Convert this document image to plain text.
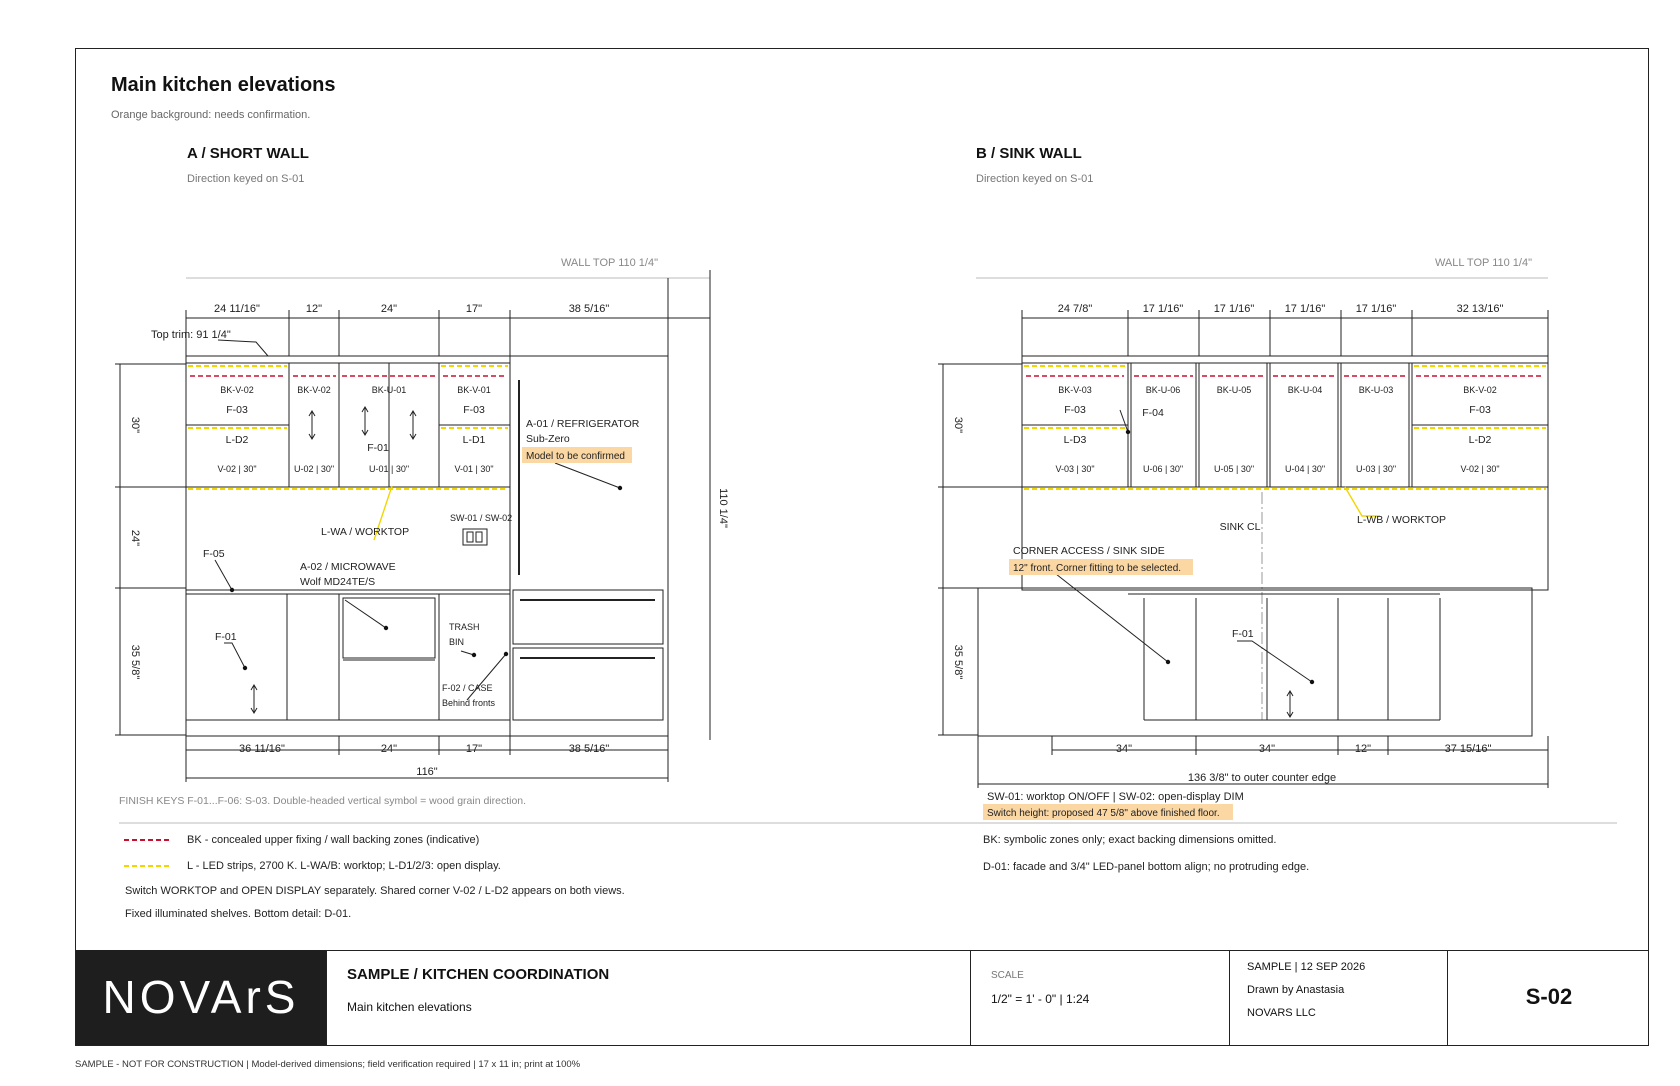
Main kitchen elevations
Orange background: needs confirmation.
A / SHORT WALL
Direction keyed on S-01
B / SINK WALL
Direction keyed on S-01
WALL TOP 110 1/4"
24 11/16"	12"	24"	17"	38 5/16"
Top trim: 91 1/4"
30"
24"
35 5/8"
110 1/4"
BK-V-02	BK-V-02	BK-U-01	BK-V-01
F-03
L-D2
F-01
F-03
L-D1
V-02 | 30"	U-02 | 30"	U-01 | 30"	V-01 | 30"
A-01 / REFRIGERATOR
Sub-Zero
Model to be confirmed
L-WA / WORKTOP
SW-01 / SW-02
F-05
A-02 / MICROWAVE
Wolf MD24TE/S
F-01
TRASH
BIN
F-02 / CASE
Behind fronts
36 11/16"	24"	17"	38 5/16"
116"
FINISH KEYS F-01...F-06: S-03. Double-headed vertical symbol = wood grain direction.
WALL TOP 110 1/4"
24 7/8"	17 1/16"	17 1/16"	17 1/16"	17 1/16"	32 13/16"
30"
35 5/8"
BK-V-03	BK-U-06	BK-U-05	BK-U-04	BK-U-03	BK-V-02
F-03
L-D3
F-04	F-03
L-D2
V-03 | 30"	U-06 | 30"	U-05 | 30"	U-04 | 30"	U-03 | 30"	V-02 | 30"
SINK CL
L-WB / WORKTOP
CORNER ACCESS / SINK SIDE
12" front. Corner fitting to be selected.
F-01
34"	34"	12"	37 15/16"
136 3/8" to outer counter edge
SW-01: worktop ON/OFF | SW-02: open-display DIM
Switch height: proposed 47 5/8" above finished floor.
BK - concealed upper fixing / wall backing zones (indicative)
L - LED strips, 2700 K. L-WA/B: worktop; L-D1/2/3: open display.
Switch WORKTOP and OPEN DISPLAY separately. Shared corner V-02 / L-D2 appears on both views.
Fixed illuminated shelves. Bottom detail: D-01.
BK: symbolic zones only; exact backing dimensions omitted.
D-01: facade and 3/4" LED-panel bottom align; no protruding edge.
NOVArS	SAMPLE / KITCHEN COORDINATION
Main kitchen elevations
SCALE
1/2" = 1' - 0" | 1:24
SAMPLE | 12 SEP 2026
Drawn by Anastasia
NOVARS LLC
S-02
SAMPLE - NOT FOR CONSTRUCTION | Model-derived dimensions; field verification required | 17 x 11 in; print at 100%
